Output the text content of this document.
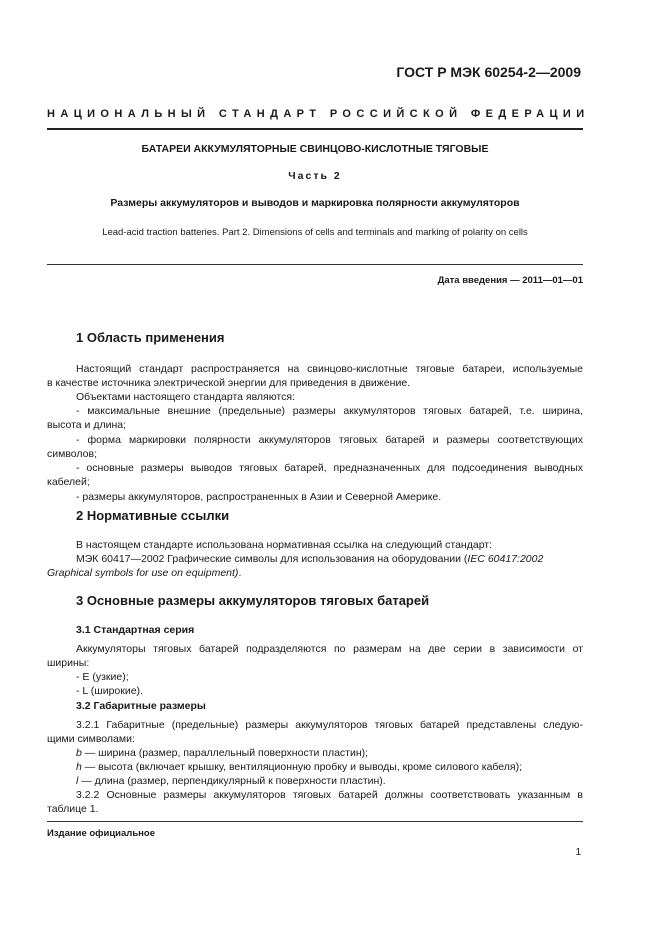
ГОСТ Р МЭК 60254-2—2009
НАЦИОНАЛЬНЫЙ СТАНДАРТ РОССИЙСКОЙ ФЕДЕРАЦИИ
БАТАРЕИ АККУМУЛЯТОРНЫЕ СВИНЦОВО-КИСЛОТНЫЕ ТЯГОВЫЕ
Часть 2
Размеры аккумуляторов и выводов и маркировка полярности аккумуляторов
Lead-acid traction batteries. Part 2. Dimensions of cells and terminals and marking of polarity on cells
Дата введения — 2011—01—01
1 Область применения
Настоящий стандарт распространяется на свинцово-кислотные тяговые батареи, используемые
в качестве источника электрической энергии для приведения в движение.
Объектами настоящего стандарта являются:
- максимальные внешние (предельные) размеры аккумуляторов тяговых батарей, т.е. ширина,
высота и длина;
- форма маркировки полярности аккумуляторов тяговых батарей и размеры соответствующих
символов;
- основные размеры выводов тяговых батарей, предназначенных для подсоединения выводных
кабелей;
- размеры аккумуляторов, распространенных в Азии и Северной Америке.
2 Нормативные ссылки
В настоящем стандарте использована нормативная ссылка на следующий стандарт:
МЭК 60417—2002 Графические символы для использования на оборудовании (IEC 60417:2002
Graphical symbols for use on equipment).
3 Основные размеры аккумуляторов тяговых батарей
3.1 Стандартная серия
Аккумуляторы тяговых батарей подразделяются по размерам на две серии в зависимости от
ширины:
- Е (узкие);
- L (широкие).
3.2 Габаритные размеры
3.2.1 Габаритные (предельные) размеры аккумуляторов тяговых батарей представлены следую-
щими символами:
b — ширина (размер, параллельный поверхности пластин);
h — высота (включает крышку, вентиляционную пробку и выводы, кроме силового кабеля);
l — длина (размер, перпендикулярный к поверхности пластин).
3.2.2 Основные размеры аккумуляторов тяговых батарей должны соответствовать указанным в
таблице 1.
Издание официальное
1
